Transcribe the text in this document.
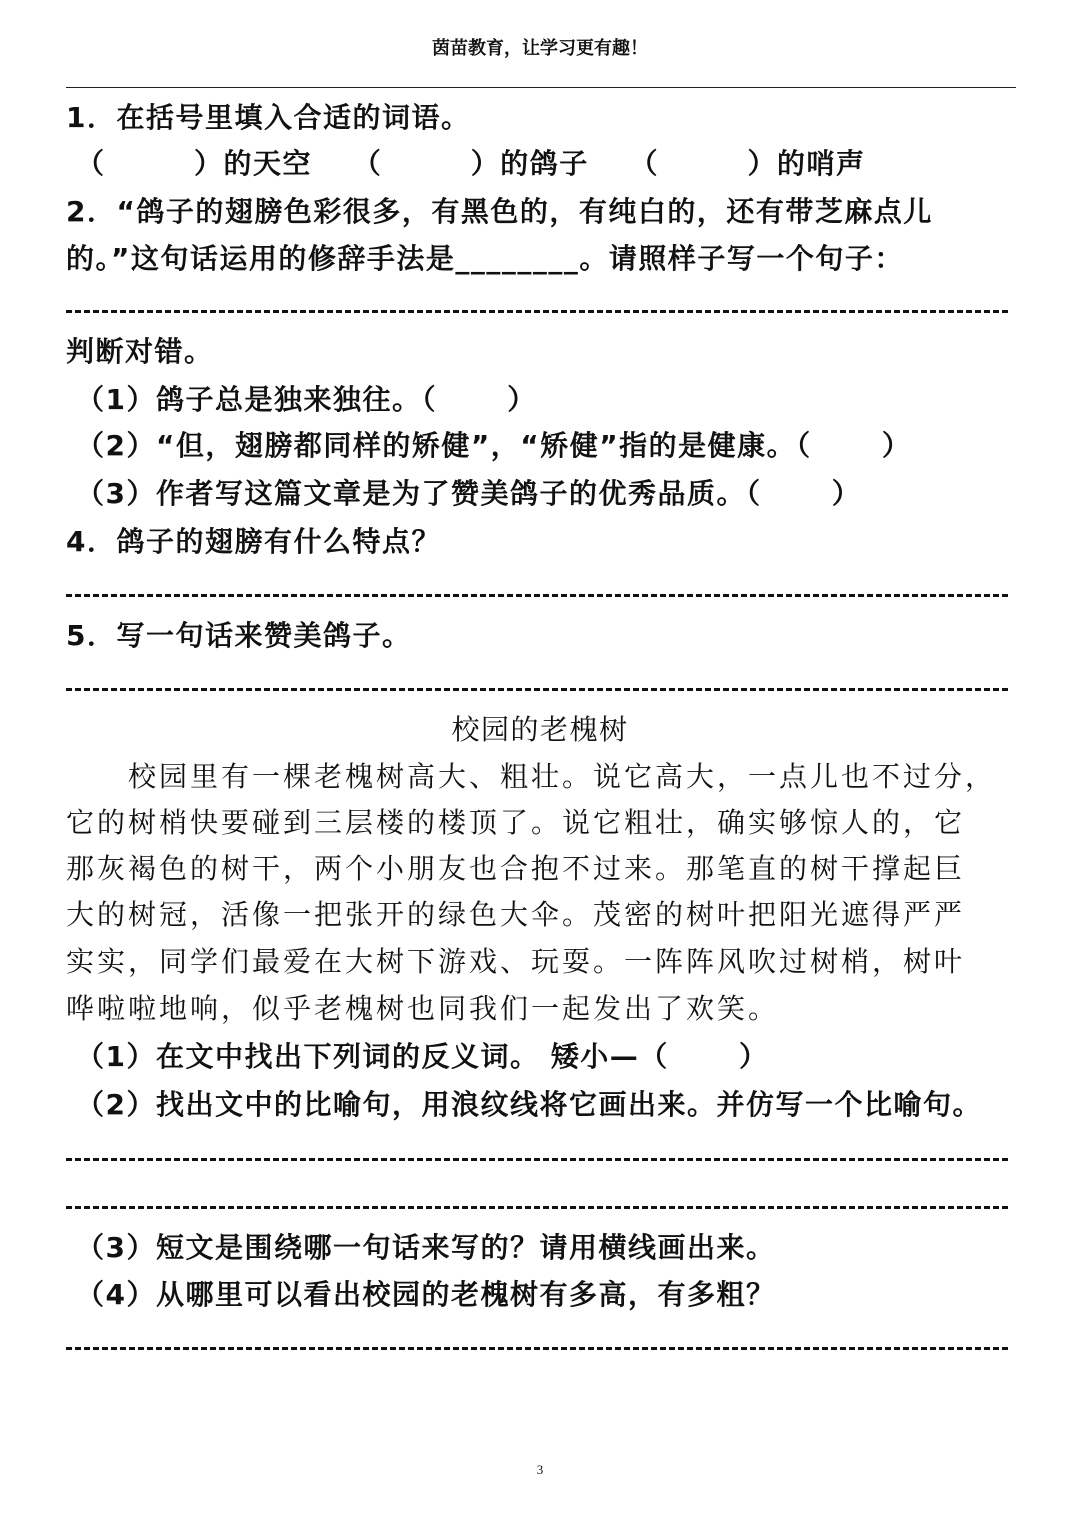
茵苗教育，让学习更有趣！
1．在括号里填入合适的词语。
（　　　）的天空　 （　　　）的鸽子　 （　　　）的哨声
2．“鸽子的翅膀色彩很多，有黑色的，有纯白的，还有带芝麻点儿
的。”这句话运用的修辞手法是________。请照样子写一个句子：
判断对错。
（1）鸽子总是独来独往。（　　 ）
（2）“但，翅膀都同样的矫健”，“矫健”指的是健康。（　　 ）
（3）作者写这篇文章是为了赞美鸽子的优秀品质。（　　 ）
4．鸽子的翅膀有什么特点？
5．写一句话来赞美鸽子。
校园的老槐树
　　校园里有一棵老槐树高大、粗壮。说它高大，一点儿也不过分，
它的树梢快要碰到三层楼的楼顶了。说它粗壮，确实够惊人的，它
那灰褐色的树干，两个小朋友也合抱不过来。那笔直的树干撑起巨
大的树冠，活像一把张开的绿色大伞。茂密的树叶把阳光遮得严严
实实，同学们最爱在大树下游戏、玩耍。一阵阵风吹过树梢，树叶
哗啦啦地响，似乎老槐树也同我们一起发出了欢笑。
（1）在文中找出下列词的反义词。 矮小—（　　 ）
（2）找出文中的比喻句，用浪纹线将它画出来。并仿写一个比喻句。
（3）短文是围绕哪一句话来写的？请用横线画出来。
（4）从哪里可以看出校园的老槐树有多高，有多粗？
3
